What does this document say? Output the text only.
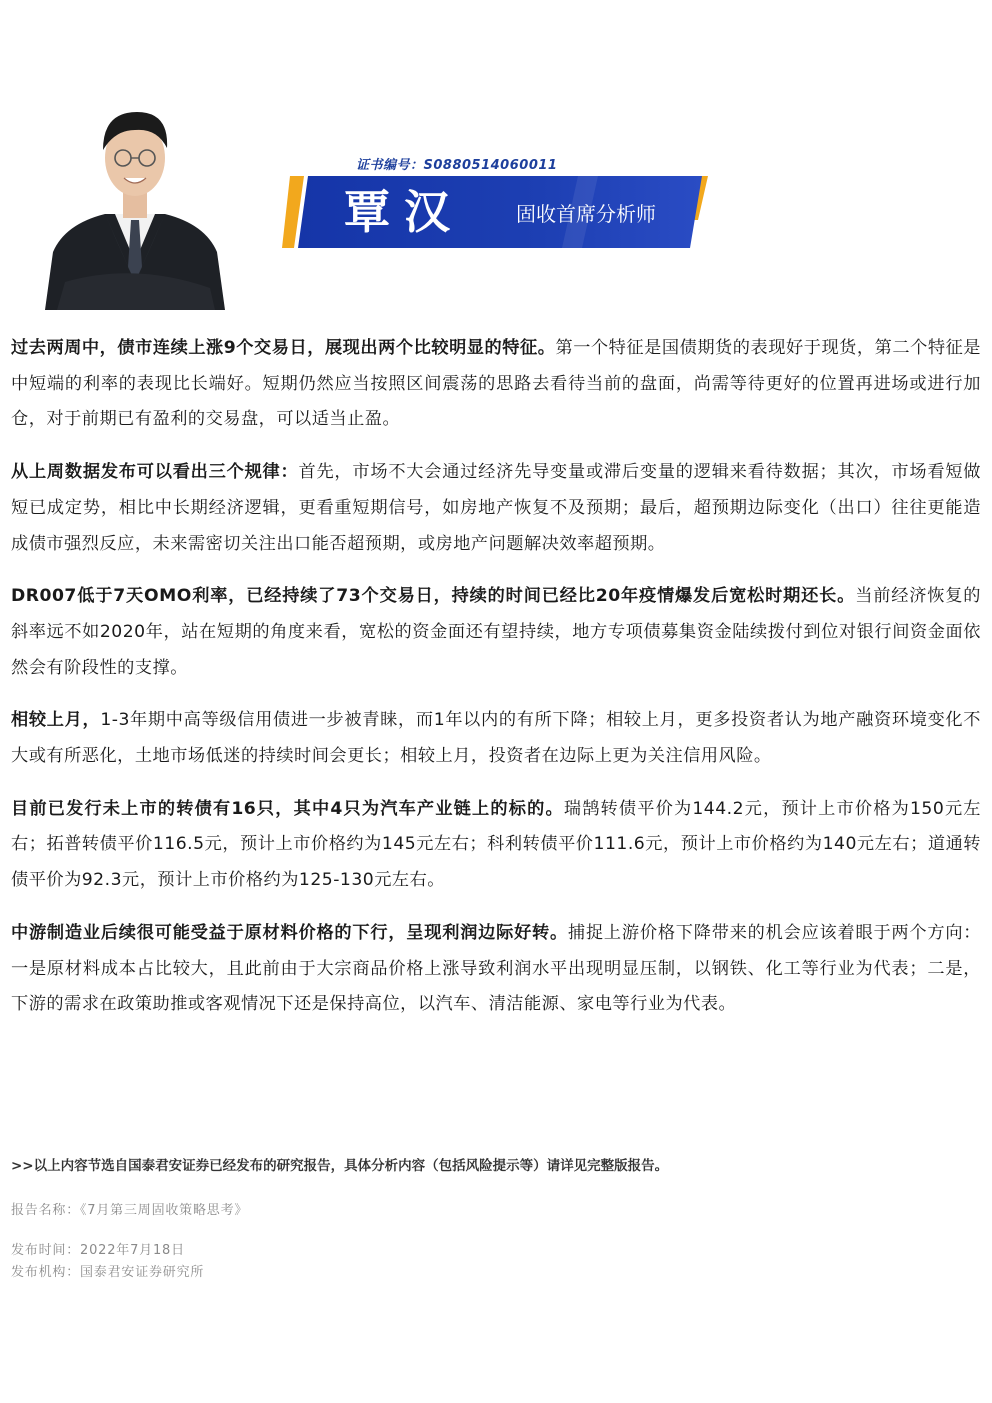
证书编号：S0880514060011
覃汉	固收首席分析师

过去两周中，债市连续上涨9个交易日，展现出两个比较明显的特征。第一个特征是国债期货的表现好于现货，第二个特征是中短端的利率的表现比长端好。短期仍然应当按照区间震荡的思路去看待当前的盘面，尚需等待更好的位置再进场或进行加仓，对于前期已有盈利的交易盘，可以适当止盈。

从上周数据发布可以看出三个规律：首先，市场不大会通过经济先导变量或滞后变量的逻辑来看待数据；其次，市场看短做短已成定势，相比中长期经济逻辑，更看重短期信号，如房地产恢复不及预期；最后，超预期边际变化（出口）往往更能造成债市强烈反应，未来需密切关注出口能否超预期，或房地产问题解决效率超预期。

DR007低于7天OMO利率，已经持续了73个交易日，持续的时间已经比20年疫情爆发后宽松时期还长。当前经济恢复的斜率远不如2020年，站在短期的角度来看，宽松的资金面还有望持续，地方专项债募集资金陆续拨付到位对银行间资金面依然会有阶段性的支撑。

相较上月，1-3年期中高等级信用债进一步被青睐，而1年以内的有所下降；相较上月，更多投资者认为地产融资环境变化不大或有所恶化，土地市场低迷的持续时间会更长；相较上月，投资者在边际上更为关注信用风险。

目前已发行未上市的转债有16只，其中4只为汽车产业链上的标的。瑞鹄转债平价为144.2元，预计上市价格为150元左右；拓普转债平价116.5元，预计上市价格约为145元左右；科利转债平价111.6元，预计上市价格约为140元左右；道通转债平价为92.3元，预计上市价格约为125-130元左右。

中游制造业后续很可能受益于原材料价格的下行，呈现利润边际好转。捕捉上游价格下降带来的机会应该着眼于两个方向：一是原材料成本占比较大，且此前由于大宗商品价格上涨导致利润水平出现明显压制，以钢铁、化工等行业为代表；二是，下游的需求在政策助推或客观情况下还是保持高位，以汽车、清洁能源、家电等行业为代表。

>>以上内容节选自国泰君安证券已经发布的研究报告，具体分析内容（包括风险提示等）请详见完整版报告。
报告名称：《7月第三周固收策略思考》
发布时间：2022年7月18日
发布机构：国泰君安证券研究所
